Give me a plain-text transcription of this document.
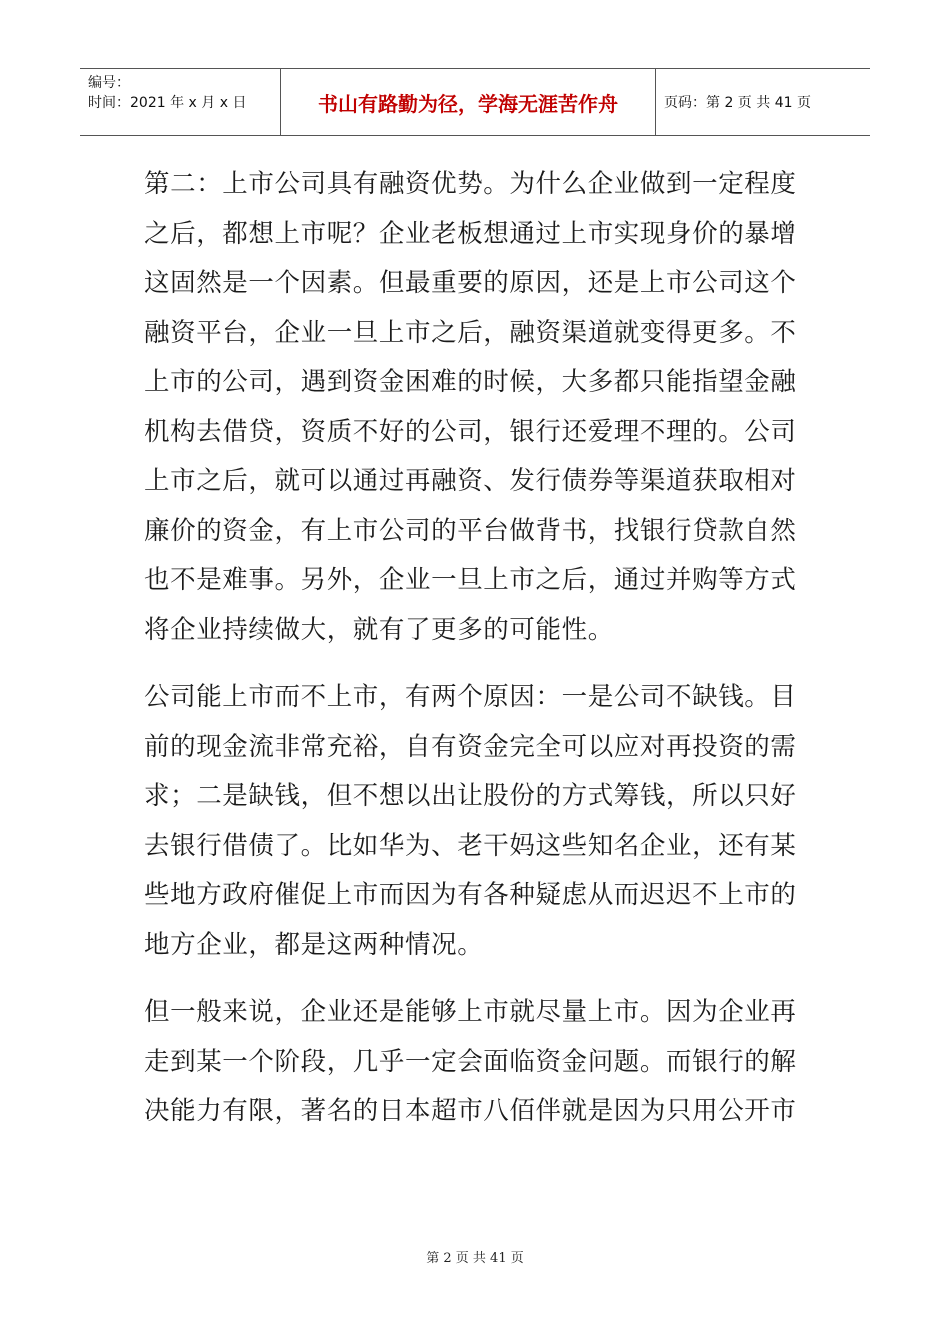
编号：
时间：2021 年 x 月 x 日	书山有路勤为径，学海无涯苦作舟	页码：第 2 页 共 41 页

第二：上市公司具有融资优势。为什么企业做到一定程度之后，都想上市呢？企业老板想通过上市实现身价的暴增这固然是一个因素。但最重要的原因，还是上市公司这个融资平台，企业一旦上市之后，融资渠道就变得更多。不上市的公司，遇到资金困难的时候，大多都只能指望金融机构去借贷，资质不好的公司，银行还爱理不理的。公司上市之后，就可以通过再融资、发行债券等渠道获取相对廉价的资金，有上市公司的平台做背书，找银行贷款自然也不是难事。另外，企业一旦上市之后，通过并购等方式将企业持续做大，就有了更多的可能性。

公司能上市而不上市，有两个原因：一是公司不缺钱。目前的现金流非常充裕，自有资金完全可以应对再投资的需求；二是缺钱，但不想以出让股份的方式筹钱，所以只好去银行借债了。比如华为、老干妈这些知名企业，还有某些地方政府催促上市而因为有各种疑虑从而迟迟不上市的地方企业，都是这两种情况。

但一般来说，企业还是能够上市就尽量上市。因为企业再走到某一个阶段，几乎一定会面临资金问题。而银行的解决能力有限，著名的日本超市八佰伴就是因为只用公开市

第 2 页 共 41 页
